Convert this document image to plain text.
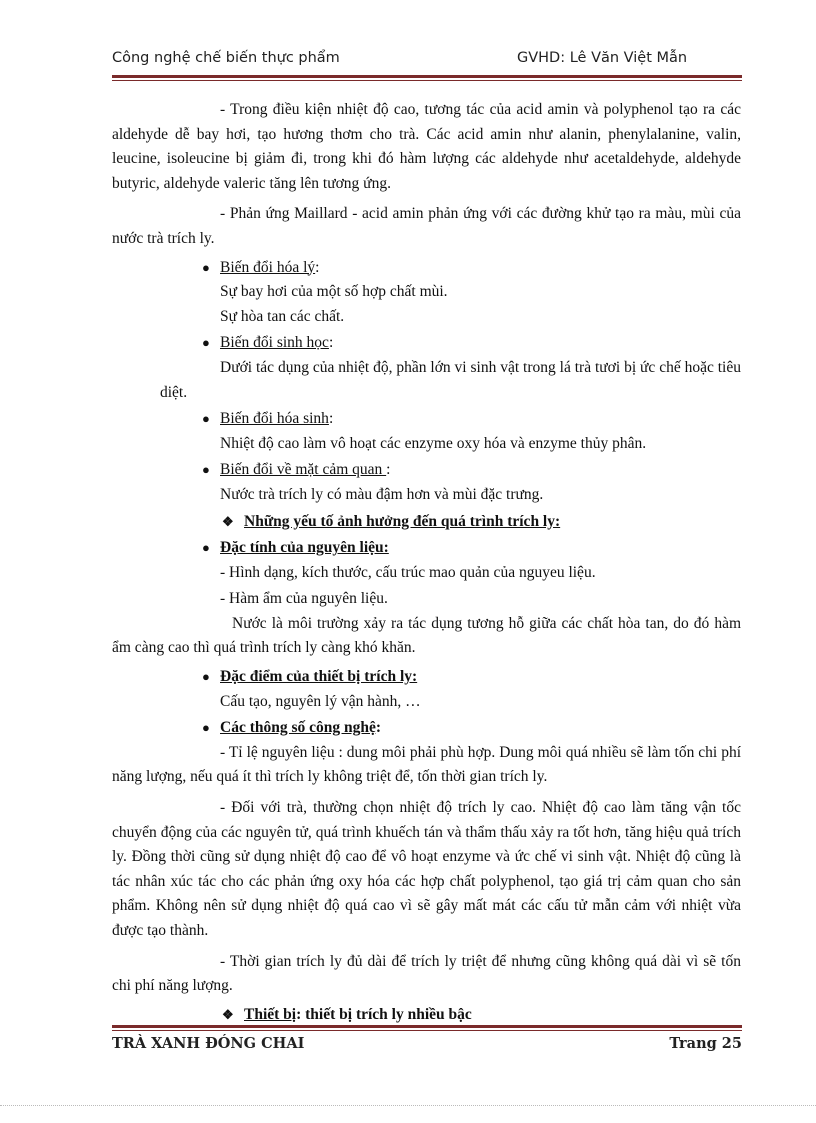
Công nghệ chế biến thực phẩm	GVHD: Lê Văn Việt Mẫn

- Trong điều kiện nhiệt độ cao, tương tác của acid amin và polyphenol tạo ra các aldehyde dễ bay hơi, tạo hương thơm cho trà. Các acid amin như alanin, phenylalanine, valin, leucine, isoleucine bị giảm đi, trong khi đó hàm lượng các aldehyde như acetaldehyde, aldehyde butyric, aldehyde valeric tăng lên tương ứng.

- Phản ứng Maillard - acid amin phản ứng với các đường khử tạo ra màu, mùi của nước trà trích ly.

● Biến đổi hóa lý:
Sự bay hơi của một số hợp chất mùi.
Sự hòa tan các chất.
● Biến đổi sinh học:

Dưới tác dụng của nhiệt độ, phần lớn vi sinh vật trong lá trà tươi bị ức chế hoặc tiêu diệt.

● Biến đổi hóa sinh:
Nhiệt độ cao làm vô hoạt các enzyme oxy hóa và enzyme thủy phân.
● Biến đổi về mặt cảm quan :
Nước trà trích ly có màu đậm hơn và mùi đặc trưng.
❖ Những yếu tố ảnh hưởng đến quá trình trích ly:
● Đặc tính của nguyên liệu:
- Hình dạng, kích thước, cấu trúc mao quản của nguyeu liệu.
- Hàm ẩm của nguyên liệu.

Nước là môi trường xảy ra tác dụng tương hỗ giữa các chất hòa tan, do đó hàm ẩm càng cao thì quá trình trích ly càng khó khăn.

● Đặc điểm của thiết bị trích ly:
Cấu tạo, nguyên lý vận hành, …
● Các thông số công nghệ:

- Tỉ lệ nguyên liệu : dung môi phải phù hợp. Dung môi quá nhiều sẽ làm tốn chi phí năng lượng, nếu quá ít thì trích ly không triệt để, tốn thời gian trích ly.

- Đối với trà, thường chọn nhiệt độ trích ly cao. Nhiệt độ cao làm tăng vận tốc chuyển động của các nguyên tử, quá trình khuếch tán và thẩm thấu xảy ra tốt hơn, tăng hiệu quả trích ly. Đồng thời cũng sử dụng nhiệt độ cao để vô hoạt enzyme và ức chế vi sinh vật. Nhiệt độ cũng là tác nhân xúc tác cho các phản ứng oxy hóa các hợp chất polyphenol, tạo giá trị cảm quan cho sản phẩm. Không nên sử dụng nhiệt độ quá cao vì sẽ gây mất mát các cấu tử mẫn cảm với nhiệt vừa được tạo thành.

- Thời gian trích ly đủ dài để trích ly triệt để nhưng cũng không quá dài vì sẽ tốn chi phí năng lượng.

❖ Thiết bị: thiết bị trích ly nhiều bậc
TRÀ XANH ĐÓNG CHAI	Trang 25
